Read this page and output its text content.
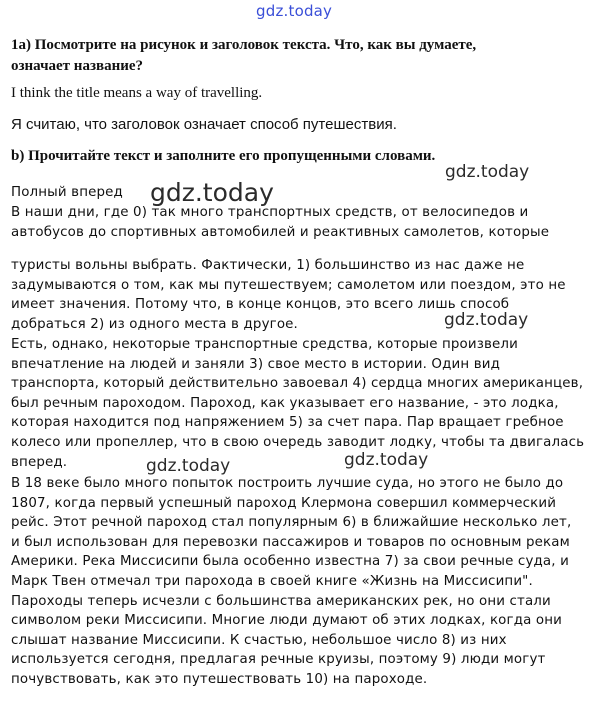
gdz.today
gdz.today
gdz.today
gdz.today
gdz.today	gdz.today
1a) Посмотрите на рисунок и заголовок текста. Что, как вы думаете,
означает название?
I think the title means a way of travelling.
Я считаю, что заголовок означает способ путешествия.
b) Прочитайте текст и заполните его пропущенными словами.
Полный вперед
В наши дни, где 0) так много транспортных средств, от велосипедов и
автобусов до спортивных автомобилей и реактивных самолетов, которые
туристы вольны выбрать. Фактически, 1) большинство из нас даже не
задумываются о том, как мы путешествуем; самолетом или поездом, это не
имеет значения. Потому что, в конце концов, это всего лишь способ
добраться 2) из одного места в другое.
Есть, однако, некоторые транспортные средства, которые произвели
впечатление на людей и заняли 3) свое место в истории. Один вид
транспорта, который действительно завоевал 4) сердца многих американцев,
был речным пароходом. Пароход, как указывает его название, - это лодка,
которая находится под напряжением 5) за счет пара. Пар вращает гребное
колесо или пропеллер, что в свою очередь заводит лодку, чтобы та двигалась
вперед.
В 18 веке было много попыток построить лучшие суда, но этого не было до
1807, когда первый успешный пароход Клермона совершил коммерческий
рейс. Этот речной пароход стал популярным 6) в ближайшие несколько лет,
и был использован для перевозки пассажиров и товаров по основным рекам
Америки. Река Миссисипи была особенно известна 7) за свои речные суда, и
Марк Твен отмечал три парохода в своей книге «Жизнь на Миссисипи".
Пароходы теперь исчезли с большинства американских рек, но они стали
символом реки Миссисипи. Многие люди думают об этих лодках, когда они
слышат название Миссисипи. К счастью, небольшое число 8) из них
используется сегодня, предлагая речные круизы, поэтому 9) люди могут
почувствовать, как это путешествовать 10) на пароходе.
